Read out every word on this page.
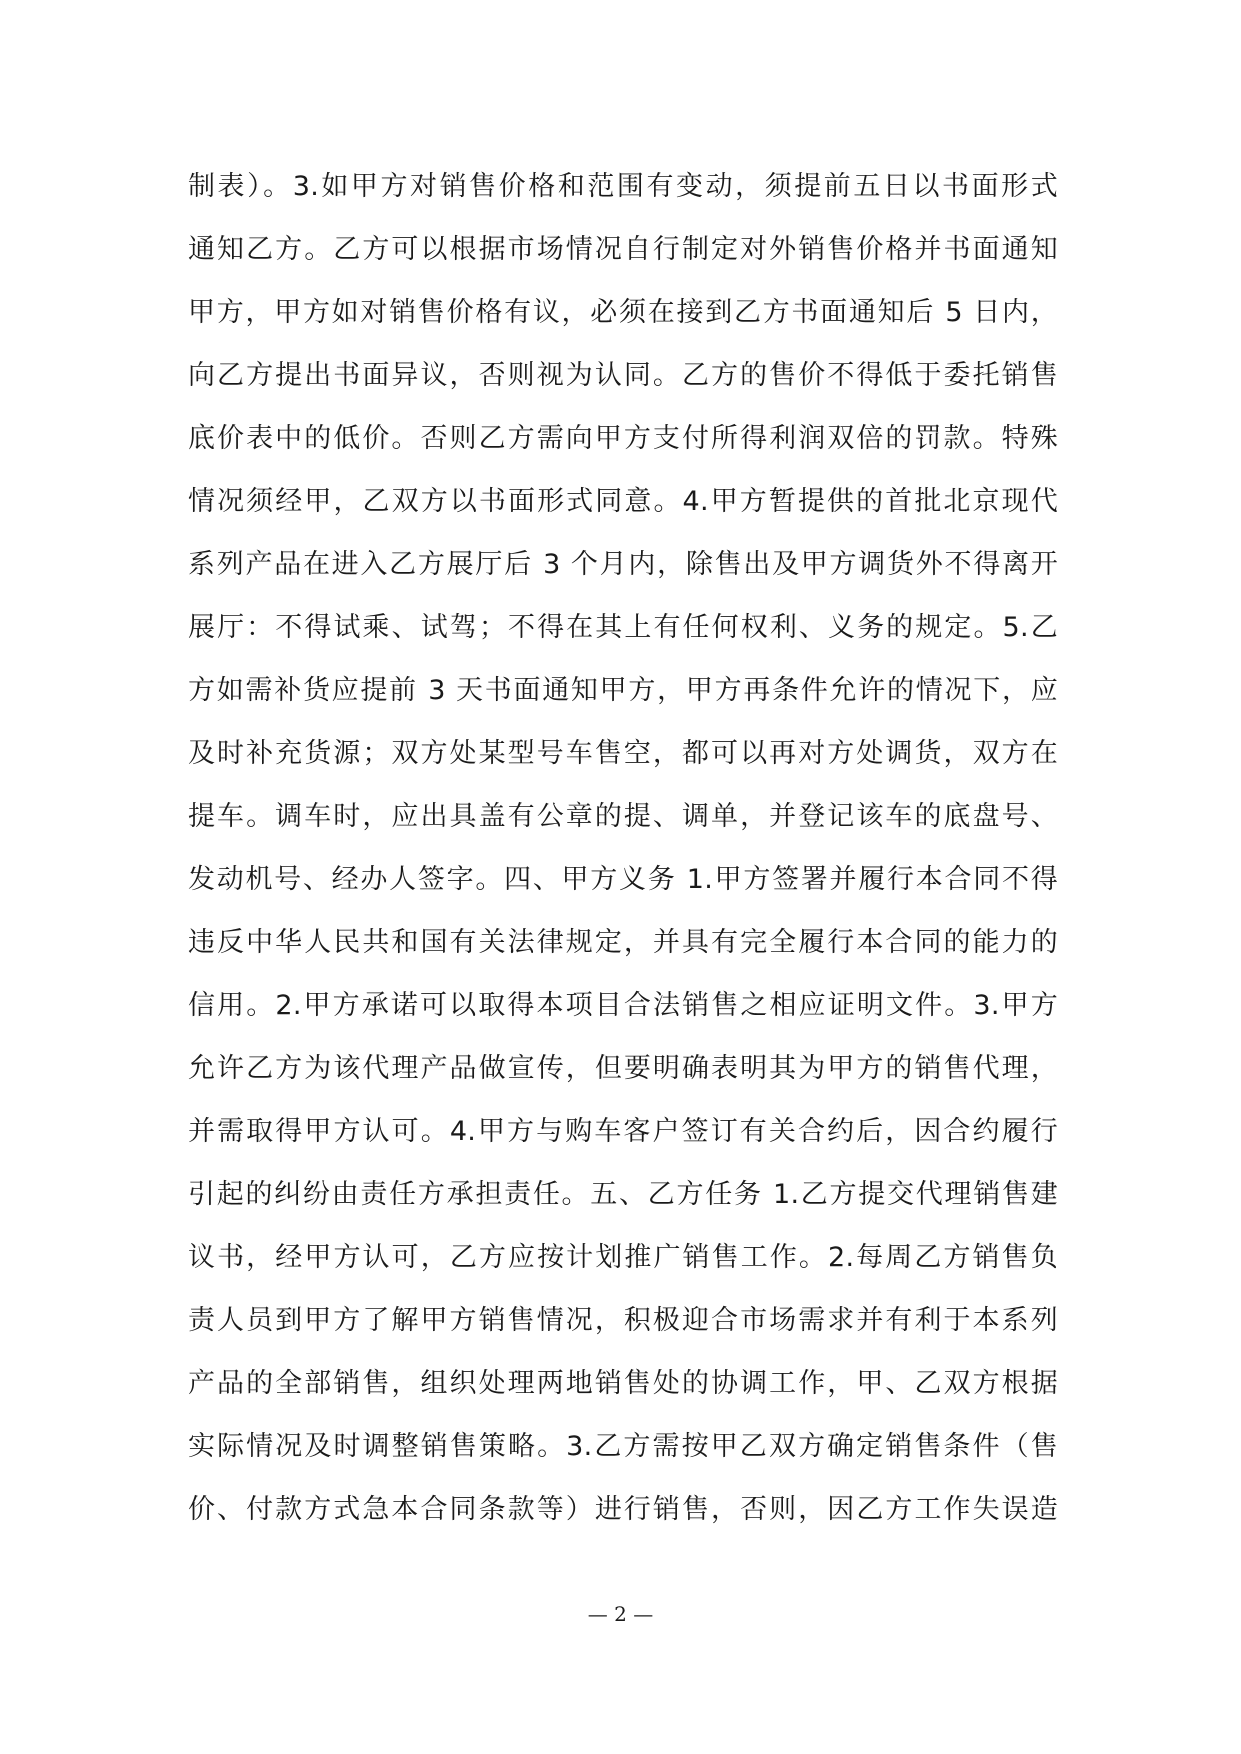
制表）。3.如甲方对销售价格和范围有变动，须提前五日以书面形式
通知乙方。乙方可以根据市场情况自行制定对外销售价格并书面通知
甲方，甲方如对销售价格有议，必须在接到乙方书面通知后 5 日内，
向乙方提出书面异议，否则视为认同。乙方的售价不得低于委托销售
底价表中的低价。否则乙方需向甲方支付所得利润双倍的罚款。特殊
情况须经甲，乙双方以书面形式同意。4.甲方暂提供的首批北京现代
系列产品在进入乙方展厅后 3 个月内，除售出及甲方调货外不得离开
展厅：不得试乘、试驾；不得在其上有任何权利、义务的规定。5.乙
方如需补货应提前 3 天书面通知甲方，甲方再条件允许的情况下，应
及时补充货源；双方处某型号车售空，都可以再对方处调货，双方在
提车。调车时，应出具盖有公章的提、调单，并登记该车的底盘号、
发动机号、经办人签字。四、甲方义务 1.甲方签署并履行本合同不得
违反中华人民共和国有关法律规定，并具有完全履行本合同的能力的
信用。2.甲方承诺可以取得本项目合法销售之相应证明文件。3.甲方
允许乙方为该代理产品做宣传，但要明确表明其为甲方的销售代理，
并需取得甲方认可。4.甲方与购车客户签订有关合约后，因合约履行
引起的纠纷由责任方承担责任。五、乙方任务 1.乙方提交代理销售建
议书，经甲方认可，乙方应按计划推广销售工作。2.每周乙方销售负
责人员到甲方了解甲方销售情况，积极迎合市场需求并有利于本系列
产品的全部销售，组织处理两地销售处的协调工作，甲、乙双方根据
实际情况及时调整销售策略。3.乙方需按甲乙双方确定销售条件（售
价、付款方式急本合同条款等）进行销售，否则，因乙方工作失误造
— 2 —
